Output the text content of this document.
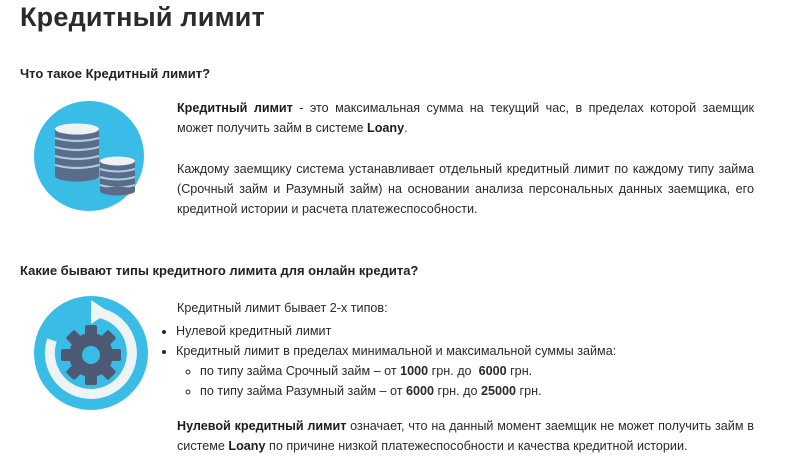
Кредитный лимит
Что такое Кредитный лимит?
Кредитный лимит - это максимальная сумма на текущий час, в пределах которой заемщик может получить займ в системе Loany.
Каждому заемщику система устанавливает отдельный кредитный лимит по каждому типу займа (Срочный займ и Разумный займ) на основании анализа персональных данных заемщика, его кредитной истории и расчета платежеспособности.
Какие бывают типы кредитного лимита для онлайн кредита?
Кредитный лимит бывает 2-х типов:
• Нулевой кредитный лимит
• Кредитный лимит в пределах минимальной и максимальной суммы займа:
◦ по типу займа Срочный займ – от 1000 грн. до  6000 грн.
◦ по типу займа Разумный займ – от 6000 грн. до 25000 грн.
Нулевой кредитный лимит означает, что на данный момент заемщик не может получить займ в системе Loany по причине низкой платежеспособности и качества кредитной истории.
